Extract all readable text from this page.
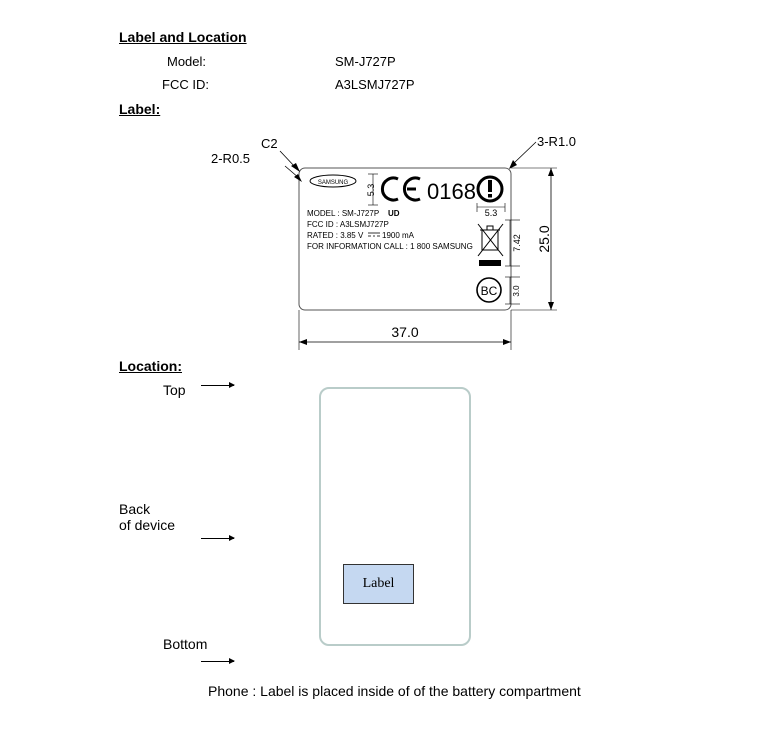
Label and Location
Model:	SM-J727P
FCC ID:	A3LSMJ727P
Label:
C2
2-R0.5
3-R1.0
SAMSUNG
5.3 0168
5.3
MODEL : SM-J727P UD
FCC ID : A3LSMJ727P
RATED : 3.85 V 1900 mA
FOR INFORMATION CALL : 1 800 SAMSUNG	7.42
BC 3.0
25.0
37.0
Location:
Top
Back
of device
Bottom
Label
Phone : Label is placed inside of of the battery compartment
